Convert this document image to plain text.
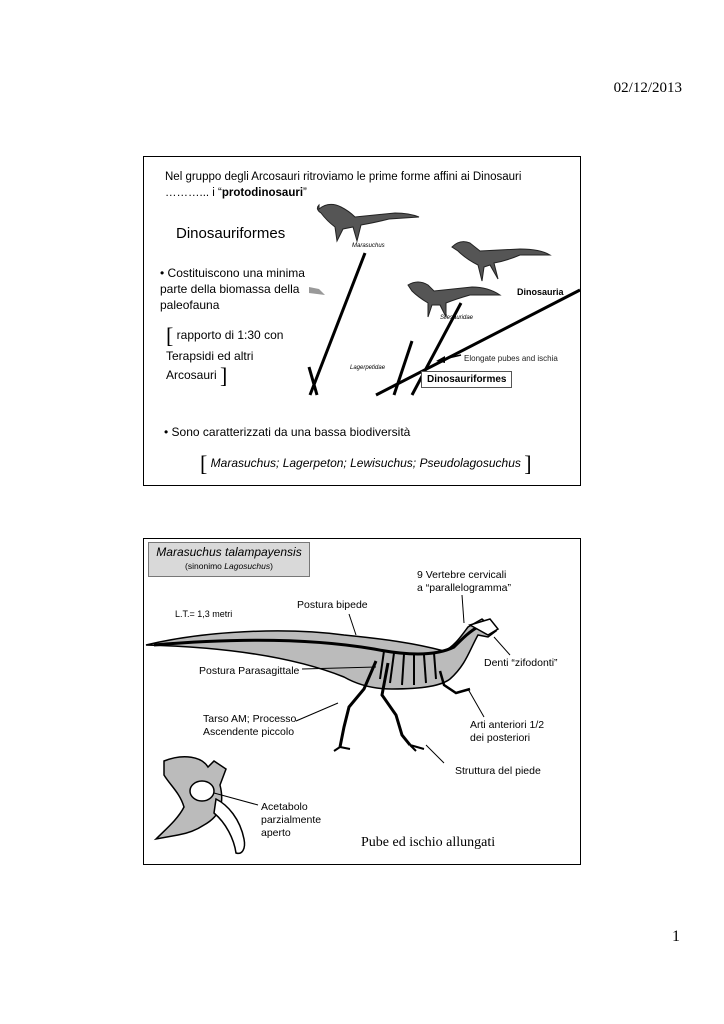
02/12/2013
1
Nel gruppo degli Arcosauri ritroviamo le prime forme affini ai Dinosauri
………... i “protodinosauri”
Dinosauriformes
• Costituiscono una minima
parte della biomassa della
paleofauna
[ rapporto di 1:30 con
Terapsidi ed altri
Arcosauri ]
Marasuchus
Silesauridae
Lagerpetidae
Dinosauria
Elongate pubes and ischia
Dinosauriformes
• Sono caratterizzati da una bassa biodiversità
[ Marasuchus; Lagerpeton; Lewisuchus; Pseudolagosuchus ]
Marasuchus talampayensis
(sinonimo Lagosuchus)
L.T.= 1,3 metri
Postura bipede
9 Vertebre cervicali
a “parallelogramma”
Denti “zifodonti”
Postura Parasagittale
Tarso AM; Processo
Ascendente piccolo
Arti anteriori 1/2
dei posteriori
Struttura del piede
Acetabolo
parzialmente
aperto
Pube ed ischio allungati
